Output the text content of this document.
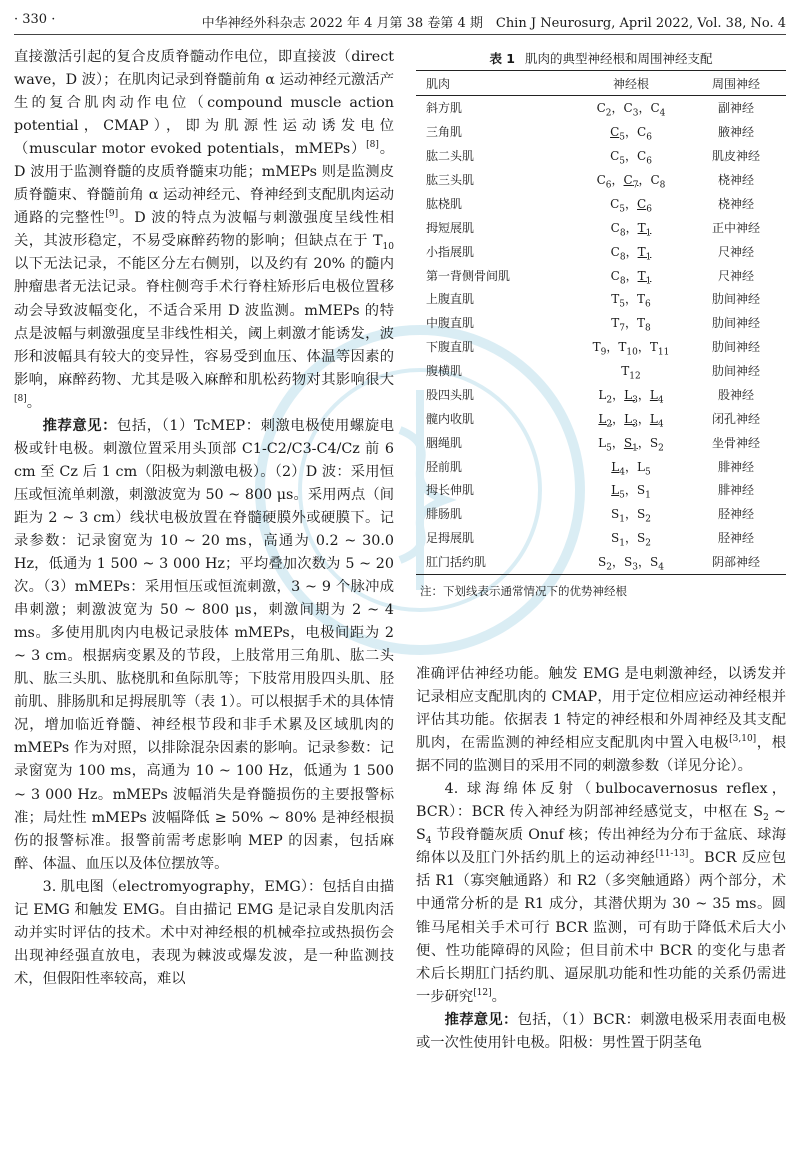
· 330 ·	中华神经外科杂志 2022 年 4 月第 38 卷第 4 期　Chin J Neurosurg, April 2022, Vol. 38, No. 4

直接激活引起的复合皮质脊髓动作电位，即直接波（direct wave，D 波）；在肌肉记录到脊髓前角 α 运动神经元激活产生的复合肌肉动作电位（compound muscle action potential，CMAP），即为肌源性运动诱发电位（muscular motor evoked potentials，mMEPs）[8]。D 波用于监测脊髓的皮质脊髓束功能；mMEPs 则是监测皮质脊髓束、脊髓前角 α 运动神经元、脊神经到支配肌肉运动通路的完整性[9]。D 波的特点为波幅与刺激强度呈线性相关，其波形稳定，不易受麻醉药物的影响；但缺点在于 $T_{10}$ 以下无法记录，不能区分左右侧别，以及约有 20% 的髓内肿瘤患者无法记录。脊柱侧弯手术行脊柱矫形后电极位置移动会导致波幅变化，不适合采用 D 波监测。mMEPs 的特点是波幅与刺激强度呈非线性相关，阈上刺激才能诱发，波形和波幅具有较大的变异性，容易受到血压、体温等因素的影响，麻醉药物、尤其是吸入麻醉和肌松药物对其影响很大[8]。

推荐意见：包括，（1）TcMEP：刺激电极使用螺旋电极或针电极。刺激位置采用头顶部 C1-C2/C3-C4/Cz 前 6 cm 至 Cz 后 1 cm（阳极为刺激电极）。（2）D 波：采用恒压或恒流单刺激，刺激波宽为 50 ~ 800 μs。采用两点（间距为 2 ~ 3 cm）线状电极放置在脊髓硬膜外或硬膜下。记录参数：记录窗宽为 10 ~ 20 ms，高通为 0.2 ~ 30.0 Hz，低通为 1 500 ~ 3 000 Hz；平均叠加次数为 5 ~ 20 次。（3）mMEPs：采用恒压或恒流刺激，3 ~ 9 个脉冲成串刺激；刺激波宽为 50 ~ 800 μs，刺激间期为 2 ~ 4 ms。多使用肌肉内电极记录肢体 mMEPs，电极间距为 2 ~ 3 cm。根据病变累及的节段，上肢常用三角肌、肱二头肌、肱三头肌、肱桡肌和鱼际肌等；下肢常用股四头肌、胫前肌、腓肠肌和足拇展肌等（表 1）。可以根据手术的具体情况，增加临近脊髓、神经根节段和非手术累及区域肌肉的 mMEPs 作为对照，以排除混杂因素的影响。记录参数：记录窗宽为 100 ms，高通为 10 ~ 100 Hz，低通为 1 500 ~ 3 000 Hz。mMEPs 波幅消失是脊髓损伤的主要报警标准；局灶性 mMEPs 波幅降低 ≥ 50% ~ 80% 是神经根损伤的报警标准。报警前需考虑影响 MEP 的因素，包括麻醉、体温、血压以及体位摆放等。

3. 肌电图（electromyography，EMG）：包括自由描记 EMG 和触发 EMG。自由描记 EMG 是记录自发肌肉活动并实时评估的技术。术中对神经根的机械牵拉或热损伤会出现神经强直放电，表现为棘波或爆发波，是一种监测技术，但假阳性率较高，难以

表 1 肌肉的典型神经根和周围神经支配
肌肉	神经根	周围神经
斜方肌	$C_2$，$C_3$，$C_4$	副神经
三角肌	$C_5$，$C_6$	腋神经
肱二头肌	$C_5$，$C_6$	肌皮神经
肱三头肌	$C_6$，$C_7$，$C_8$	桡神经
肱桡肌	$C_5$，$C_6$	桡神经
拇短展肌	$C_8$，$T_1$	正中神经
小指展肌	$C_8$，$T_1$	尺神经
第一背侧骨间肌	$C_8$，$T_1$	尺神经
上腹直肌	$T_5$，$T_6$	肋间神经
中腹直肌	$T_7$，$T_8$	肋间神经
下腹直肌	$T_9$，$T_{10}$，$T_{11}$	肋间神经
腹横肌	$T_{12}$	肋间神经
股四头肌	$L_2$，$L_3$，$L_4$	股神经
髋内收肌	$L_2$，$L_3$，$L_4$	闭孔神经
胭绳肌	$L_5$，$S_1$，$S_2$	坐骨神经
胫前肌	$L_4$，$L_5$	腓神经
拇长伸肌	$L_5$，$S_1$	腓神经
腓肠肌	$S_1$，$S_2$	胫神经
足拇展肌	$S_1$，$S_2$	胫神经
肛门括约肌	$S_2$，$S_3$，$S_4$	阴部神经
注：下划线表示通常情况下的优势神经根

准确评估神经功能。触发 EMG 是电刺激神经，以诱发并记录相应支配肌肉的 CMAP，用于定位相应运动神经根并评估其功能。依据表 1 特定的神经根和外周神经及其支配肌肉，在需监测的神经相应支配肌肉中置入电极[3,10]，根据不同的监测目的采用不同的刺激参数（详见分论）。

4. 球海绵体反射（bulbocavernosus reflex，BCR）：BCR 传入神经为阴部神经感觉支，中枢在 $S_2$ ~ $S_4$ 节段脊髓灰质 Onuf 核；传出神经为分布于盆底、球海绵体以及肛门外括约肌上的运动神经[11-13]。BCR 反应包括 R1（寡突触通路）和 R2（多突触通路）两个部分，术中通常分析的是 R1 成分，其潜伏期为 30 ~ 35 ms。圆锥马尾相关手术可行 BCR 监测，可有助于降低术后大小便、性功能障碍的风险；但目前术中 BCR 的变化与患者术后长期肛门括约肌、逼尿肌功能和性功能的关系仍需进一步研究[12]。

推荐意见：包括，（1）BCR：刺激电极采用表面电极或一次性使用针电极。阳极：男性置于阴茎龟
